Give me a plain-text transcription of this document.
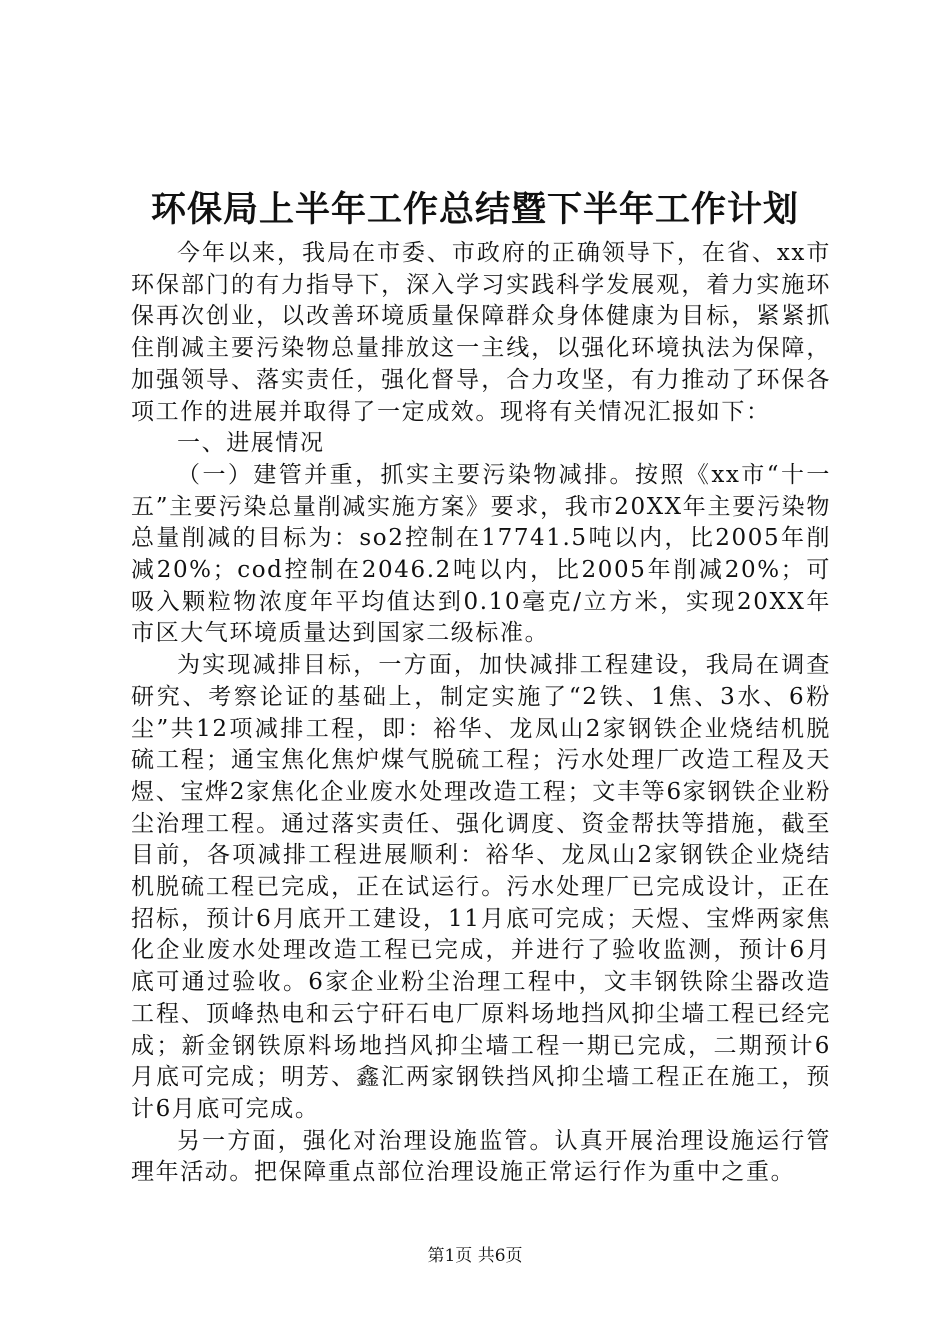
环保局上半年工作总结暨下半年工作计划

今年以来，我局在市委、市政府的正确领导下，在省、xx市环保部门的有力指导下，深入学习实践科学发展观，着力实施环保再次创业，以改善环境质量保障群众身体健康为目标，紧紧抓住削减主要污染物总量排放这一主线，以强化环境执法为保障，加强领导、落实责任，强化督导，合力攻坚，有力推动了环保各项工作的进展并取得了一定成效。现将有关情况汇报如下：

一、进展情况

（一）建管并重，抓实主要污染物减排。按照《xx市“十一五”主要污染总量削减实施方案》要求，我市20XX年主要污染物总量削减的目标为：so2控制在17741.5吨以内，比2005年削减20%；cod控制在2046.2吨以内，比2005年削减20%；可吸入颗粒物浓度年平均值达到0.10毫克/立方米，实现20XX年市区大气环境质量达到国家二级标准。

为实现减排目标，一方面，加快减排工程建设，我局在调查研究、考察论证的基础上，制定实施了“2铁、1焦、3水、6粉尘”共12项减排工程，即：裕华、龙凤山2家钢铁企业烧结机脱硫工程；通宝焦化焦炉煤气脱硫工程；污水处理厂改造工程及天煜、宝烨2家焦化企业废水处理改造工程；文丰等6家钢铁企业粉尘治理工程。通过落实责任、强化调度、资金帮扶等措施，截至目前，各项减排工程进展顺利：裕华、龙凤山2家钢铁企业烧结机脱硫工程已完成，正在试运行。污水处理厂已完成设计，正在招标，预计6月底开工建设，11月底可完成；天煜、宝烨两家焦化企业废水处理改造工程已完成，并进行了验收监测，预计6月底可通过验收。6家企业粉尘治理工程中，文丰钢铁除尘器改造工程、顶峰热电和云宁矸石电厂原料场地挡风抑尘墙工程已经完成；新金钢铁原料场地挡风抑尘墙工程一期已完成，二期预计6月底可完成；明芳、鑫汇两家钢铁挡风抑尘墙工程正在施工，预计6月底可完成。

另一方面，强化对治理设施监管。认真开展治理设施运行管理年活动。把保障重点部位治理设施正常运行作为重中之重。

第1页 共6页
